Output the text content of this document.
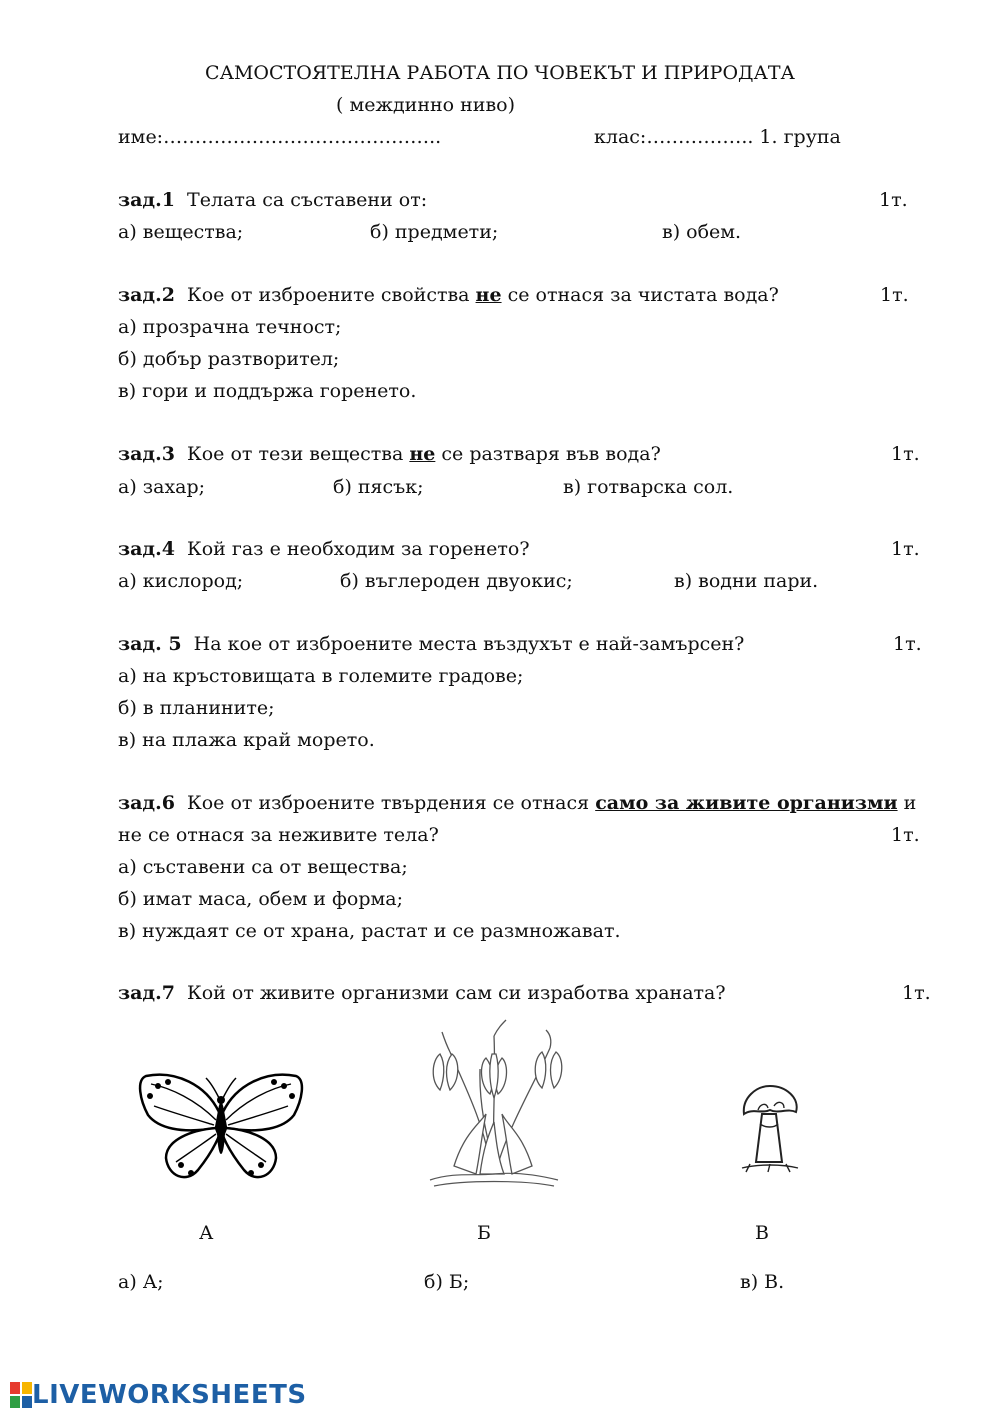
САМОСТОЯТЕЛНА РАБОТА ПО ЧОВЕКЪТ И ПРИРОДАТА
( междинно ниво)
име:……………………………………..	клас:…………….. 1. група
зад.1 Телата са съставени от:	1т.
а) вещества;	б) предмети;	в) обем.
зад.2 Кое от изброените свойства не се отнася за чистата вода?	1т.
а) прозрачна течност;
б) добър разтворител;
в) гори и поддържа горенето.
зад.3 Кое от тези вещества не се разтваря във вода?	1т.
а) захар;	б) пясък;	в) готварска сол.
зад.4 Кой газ е необходим за горенето?	1т.
а) кислород;	б) въглероден двуокис;	в) водни пари.
зад. 5 На кое от изброените места въздухът е най-замърсен?	1т.
а) на кръстовищата в големите градове;
б) в планините;
в) на плажа край морето.
зад.6 Кое от изброените твърдения се отнася само за живите организми и
не се отнася за неживите тела?	1т.
а) съставени са от вещества;
б) имат маса, обем и форма;
в) нуждаят се от храна, растат и се размножават.
зад.7 Кой от живите организми сам си изработва храната?	1т.
А	Б	В
а) А;	б) Б;	в) В.
LIVEWORKSHEETS
